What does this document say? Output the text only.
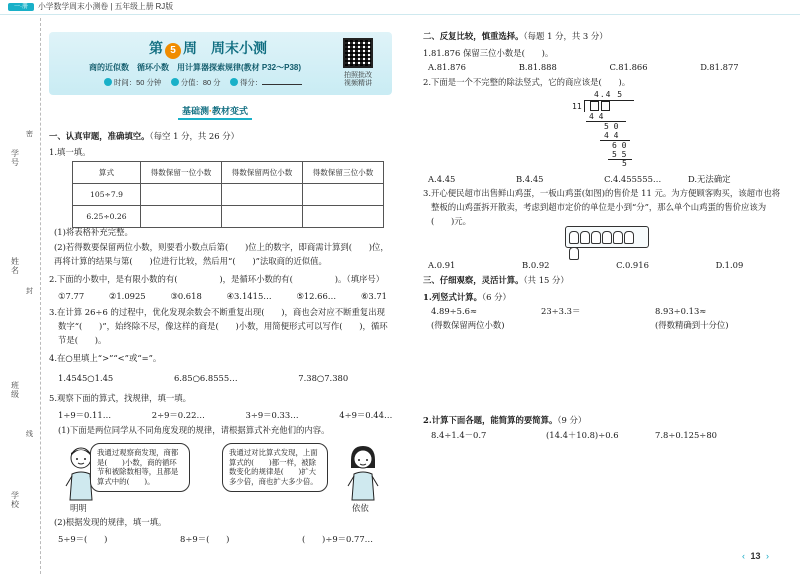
一·册	小学数学周末小测卷 | 五年级上册 RJ版
学号
姓名
班级
学校
密
封
线
第 5 周　 周末小测
商的近似数　循环小数　用计算器探索规律(教材 P32～P38)
时间：50 分钟　	分值：80 分　	得分：
拍照批改 视频精讲
基础测·教材变式
一、认真审题，准确填空。（每空 1 分，共 26 分）
1.填一填。
算式	得数保留一位小数	得数保留两位小数	得数保留三位小数
105÷7.9			
6.25÷0.26			
(1)将表格补充完整。
(2)若得数要保留两位小数，则要看小数点后第(　　)位上的数字，即商需计算到(　　)位，
再将计算的结果与第(　　)位进行比较，然后用“(　　)”法取商的近似值。
2.下面的小数中，是有限小数的有(　　　　　)，是循环小数的有(　　　　　)。（填序号）
①7.77	②1.0925	③0.618	④3.1415…	⑤12.66…	⑥3.71
3.在计算 26÷6 的过程中，优化发现余数会不断重复出现(　　)，商也会对应不断重复出现
数字“(　　)”，始终除不尽，像这样的商是(　　)小数，用简便形式可以写作(　　)，循环
节是(　　)。
4.在○里填上“>”“<”或“=”。
1.4545○1.45	6.85○6.8555…	7.38○7.380
5.观察下面的算式，找规律，填一填。
1÷9＝0.11…	2÷9＝0.22…	3÷9＝0.33…	4÷9＝0.44…
(1)下面是两位同学从不同角度发现的规律，请根据算式补充他们的内容。
我通过观察商发现，商都是(　　)小数，商的循环节和被除数相等，且都是算式中的(　　)。
我通过对比算式发现，上面算式的(　　)都一样，被除数变化的规律是(　　)扩大多少倍，商也扩大多少倍。
明明	依依
(2)根据发现的规律，填一填。
5÷9＝(　　)	8÷9＝(　　)	(　　)÷9＝0.77…
二、反复比较，慎重选择。（每题 1 分，共 3 分）
1.81.876 保留三位小数是(　　)。
A.81.876	B.81.888	C.81.866	D.81.877
2.下面是一个不完整的除法竖式，它的商应该是(　　)。
4.4 5
11
4 4
5 0
4 4
6 0
5 5
5
A.4.45	B.4.45	C.4.455555…	D.无法确定
3.开心便民超市出售鲜山鸡蛋，一板山鸡蛋(如图)的售价是 11 元。为方便顾客购买，该超市也将
整板的山鸡蛋拆开散卖，考虑到超市定价的单位是小到“分”，那么单个山鸡蛋的售价应该为
(　　)元。
A.0.91	B.0.92	C.0.916	D.1.09
三、仔细观察，灵活计算。（共 15 分）
1.列竖式计算。（6 分）
4.89÷5.6≈	23÷3.3＝	8.93÷0.13≈
(得数保留两位小数)	(得数精确到十分位)
2.计算下面各题，能简算的要简算。（9 分）
8.4÷1.4－0.7	(14.4＋10.8)÷0.6	7.8÷0.125÷80
‹ 13 ›
